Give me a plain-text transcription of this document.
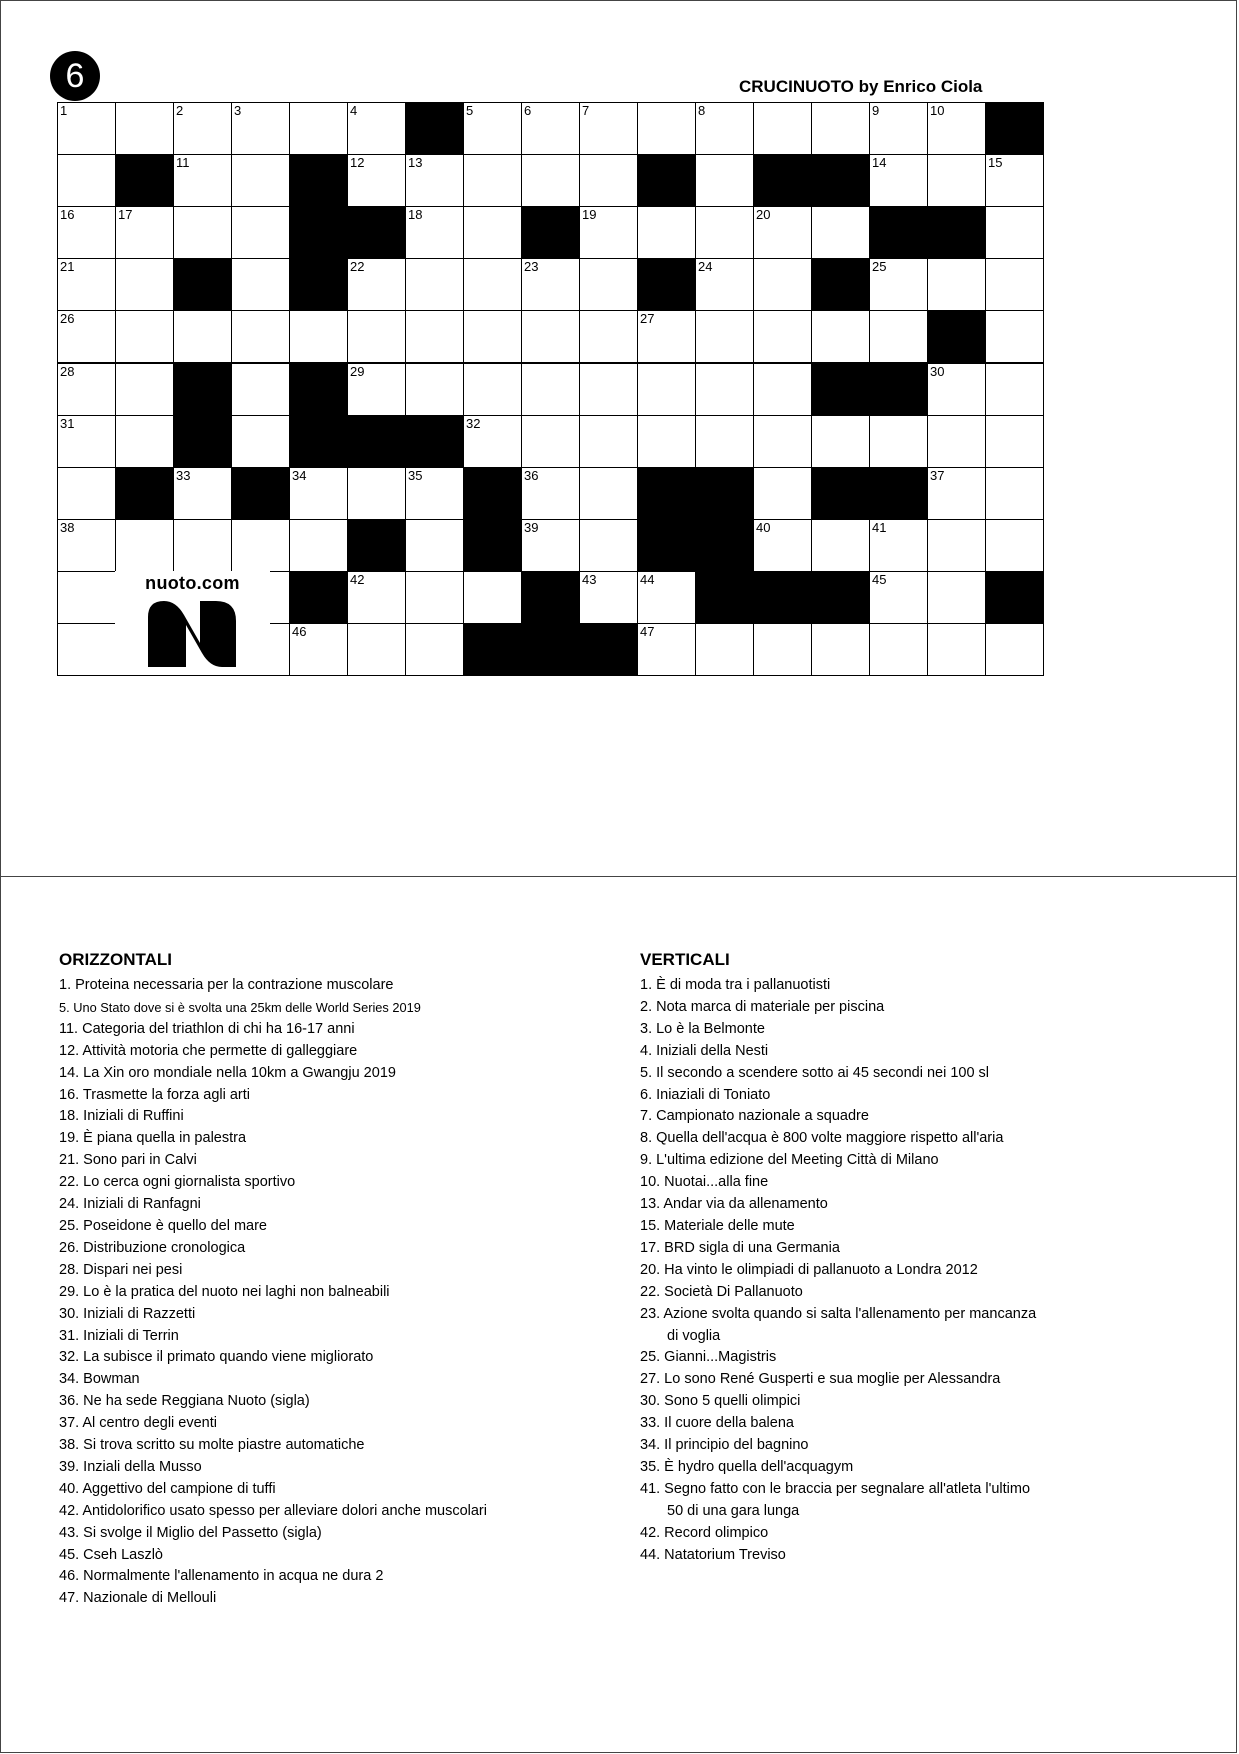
6	CRUCINUOTO by Enrico Ciola
1	2	3	4	5	6	7	8	9	10
11	12	13	14	15
16	17	18	19	20
21	22	23	24	25
26	27
28	29	30
31	32
33	34	35	36	37
38	39	40	41
42	43	44	45
46	47
nuoto.com
ORIZZONTALI
1. Proteina necessaria per la contrazione muscolare
5. Uno Stato dove si è svolta una 25km delle World Series 2019
11. Categoria del triathlon di chi ha 16-17 anni
12. Attività motoria che permette di galleggiare
14. La Xin oro mondiale nella 10km a Gwangju 2019
16. Trasmette la forza agli arti
18. Iniziali di Ruffini
19. È piana quella in palestra
21. Sono pari in Calvi
22. Lo cerca ogni giornalista sportivo
24. Iniziali di Ranfagni
25. Poseidone è quello del mare
26. Distribuzione cronologica
28. Dispari nei pesi
29. Lo è la pratica del nuoto nei laghi non balneabili
30. Iniziali di Razzetti
31. Iniziali di Terrin
32. La subisce il primato quando viene migliorato
34. Bowman
36. Ne ha sede Reggiana Nuoto (sigla)
37. Al centro degli eventi
38. Si trova scritto su molte piastre automatiche
39. Inziali della Musso
40. Aggettivo del campione di tuffi
42. Antidolorifico usato spesso per alleviare dolori anche muscolari
43. Si svolge il Miglio del Passetto (sigla)
45. Cseh Laszlò
46. Normalmente l'allenamento in acqua ne dura 2
47. Nazionale di Mellouli
VERTICALI
1. È di moda tra i pallanuotisti
2. Nota marca di materiale per piscina
3. Lo è la Belmonte
4. Iniziali della Nesti
5. Il secondo a scendere sotto ai 45 secondi nei 100 sl
6. Iniaziali di Toniato
7. Campionato nazionale a squadre
8. Quella dell'acqua è 800 volte maggiore rispetto all'aria
9. L'ultima edizione del Meeting Città di Milano
10. Nuotai...alla fine
13. Andar via da allenamento
15. Materiale delle mute
17. BRD sigla di una Germania
20. Ha vinto le olimpiadi di pallanuoto a Londra 2012
22. Società Di Pallanuoto
23. Azione svolta quando si salta l'allenamento per mancanza
di voglia
25. Gianni...Magistris
27. Lo sono René Gusperti e sua moglie per Alessandra
30. Sono 5 quelli olimpici
33. Il cuore della balena
34. Il principio del bagnino
35. È hydro quella dell'acquagym
41. Segno fatto con le braccia per segnalare all'atleta l'ultimo
50 di una gara lunga
42. Record olimpico
44. Natatorium Treviso
